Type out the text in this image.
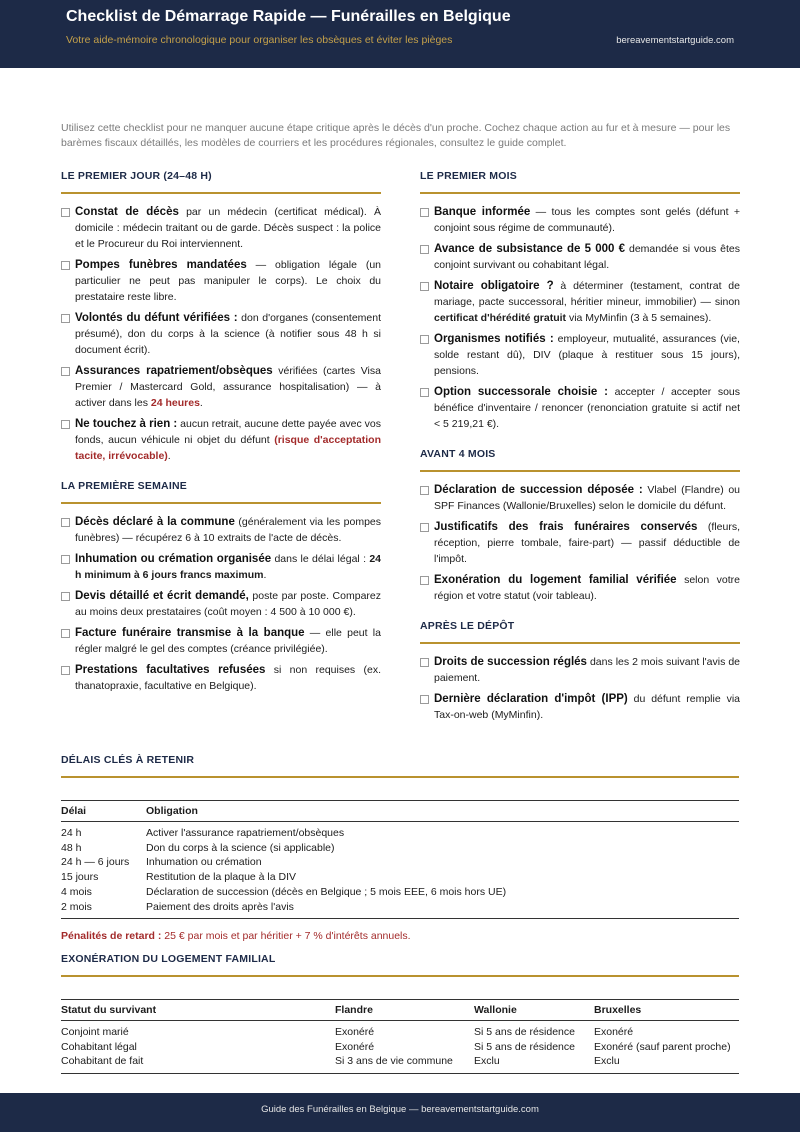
Checklist de Démarrage Rapide — Funérailles en Belgique
Votre aide-mémoire chronologique pour organiser les obsèques et éviter les pièges	bereavementstartguide.com
Utilisez cette checklist pour ne manquer aucune étape critique après le décès d'un proche. Cochez chaque action au fur et à mesure — pour les barèmes fiscaux détaillés, les modèles de courriers et les procédures régionales, consultez le guide complet.
LE PREMIER JOUR (24–48 H)
Constat de décès par un médecin (certificat médical). À domicile : médecin traitant ou de garde. Décès suspect : la police et le Procureur du Roi interviennent.
Pompes funèbres mandatées — obligation légale (un particulier ne peut pas manipuler le corps). Le choix du prestataire reste libre.
Volontés du défunt vérifiées : don d'organes (consentement présumé), don du corps à la science (à notifier sous 48 h si document écrit).
Assurances rapatriement/obsèques vérifiées (cartes Visa Premier / Mastercard Gold, assurance hospitalisation) — à activer dans les 24 heures.
Ne touchez à rien : aucun retrait, aucune dette payée avec vos fonds, aucun véhicule ni objet du défunt (risque d'acceptation tacite, irrévocable).
LA PREMIÈRE SEMAINE
Décès déclaré à la commune (généralement via les pompes funèbres) — récupérez 6 à 10 extraits de l'acte de décès.
Inhumation ou crémation organisée dans le délai légal : 24 h minimum à 6 jours francs maximum.
Devis détaillé et écrit demandé, poste par poste. Comparez au moins deux prestataires (coût moyen : 4 500 à 10 000 €).
Facture funéraire transmise à la banque — elle peut la régler malgré le gel des comptes (créance privilégiée).
Prestations facultatives refusées si non requises (ex. thanatopraxie, facultative en Belgique).
LE PREMIER MOIS
Banque informée — tous les comptes sont gelés (défunt + conjoint sous régime de communauté).
Avance de subsistance de 5 000 € demandée si vous êtes conjoint survivant ou cohabitant légal.
Notaire obligatoire ? à déterminer (testament, contrat de mariage, pacte successoral, héritier mineur, immobilier) — sinon certificat d'hérédité gratuit via MyMinfin (3 à 5 semaines).
Organismes notifiés : employeur, mutualité, assurances (vie, solde restant dû), DIV (plaque à restituer sous 15 jours), pensions.
Option successorale choisie : accepter / accepter sous bénéfice d'inventaire / renoncer (renonciation gratuite si actif net < 5 219,21 €).
AVANT 4 MOIS
Déclaration de succession déposée : Vlabel (Flandre) ou SPF Finances (Wallonie/Bruxelles) selon le domicile du défunt.
Justificatifs des frais funéraires conservés (fleurs, réception, pierre tombale, faire-part) — passif déductible de l'impôt.
Exonération du logement familial vérifiée selon votre région et votre statut (voir tableau).
APRÈS LE DÉPÔT
Droits de succession réglés dans les 2 mois suivant l'avis de paiement.
Dernière déclaration d'impôt (IPP) du défunt remplie via Tax-on-web (MyMinfin).
DÉLAIS CLÉS À RETENIR
Délai	Obligation
24 h	Activer l'assurance rapatriement/obsèques
48 h	Don du corps à la science (si applicable)
24 h — 6 jours	Inhumation ou crémation
15 jours	Restitution de la plaque à la DIV
4 mois	Déclaration de succession (décès en Belgique ; 5 mois EEE, 6 mois hors UE)
2 mois	Paiement des droits après l'avis
Pénalités de retard : 25 € par mois et par héritier + 7 % d'intérêts annuels.
EXONÉRATION DU LOGEMENT FAMILIAL
Statut du survivant	Flandre	Wallonie	Bruxelles
Conjoint marié	Exonéré	Si 5 ans de résidence	Exonéré
Cohabitant légal	Exonéré	Si 5 ans de résidence	Exonéré (sauf parent proche)
Cohabitant de fait	Si 3 ans de vie commune	Exclu	Exclu
Guide des Funérailles en Belgique — bereavementstartguide.com
